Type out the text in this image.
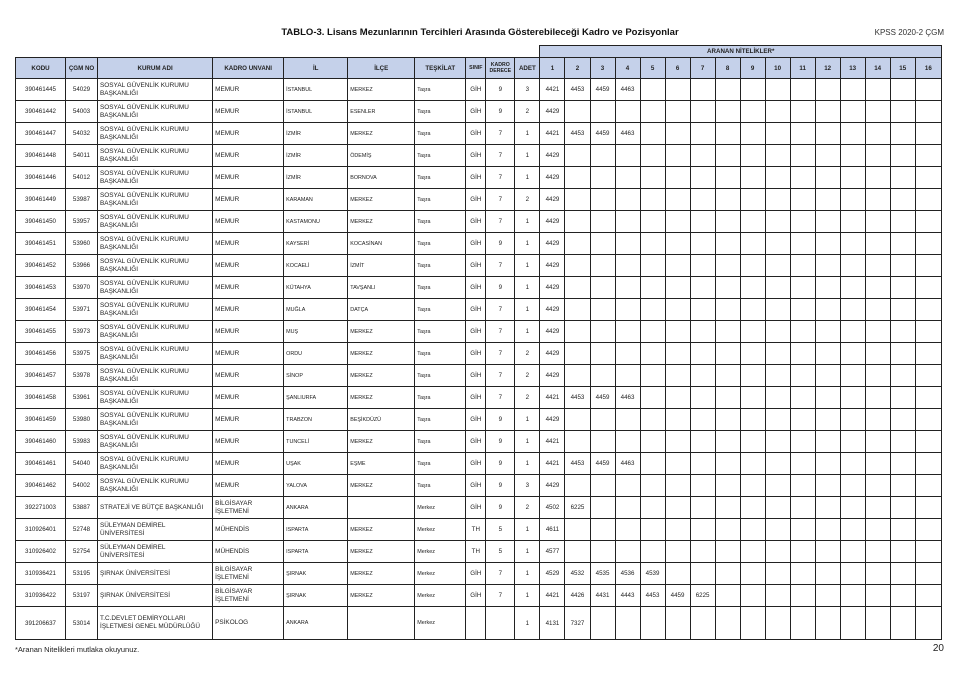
TABLO-3. Lisans Mezunlarının Tercihleri Arasında Gösterebileceği Kadro ve Pozisyonlar	KPSS 2020-2 ÇGM
										ARANAN NİTELİKLER*															
KODU	ÇGM NO	KURUM ADI	KADRO UNVANI	İL	İLÇE	TEŞKİLAT	SINIF	KADRO DERECE	ADET	1	2	3	4	5	6	7	8	9	10	11	12	13	14	15	16
390461445	54029	SOSYAL GÜVENLİK KURUMU BAŞKANLIĞI	MEMUR	İSTANBUL	MERKEZ	Taşra	GİH	9	3	4421	4453	4459	4463												
390461442	54003	SOSYAL GÜVENLİK KURUMU BAŞKANLIĞI	MEMUR	İSTANBUL	ESENLER	Taşra	GİH	9	2	4429															
390461447	54032	SOSYAL GÜVENLİK KURUMU BAŞKANLIĞI	MEMUR	İZMİR	MERKEZ	Taşra	GİH	7	1	4421	4453	4459	4463												
390461448	54011	SOSYAL GÜVENLİK KURUMU BAŞKANLIĞI	MEMUR	İZMİR	ÖDEMİŞ	Taşra	GİH	7	1	4429															
390461446	54012	SOSYAL GÜVENLİK KURUMU BAŞKANLIĞI	MEMUR	İZMİR	BORNOVA	Taşra	GİH	7	1	4429															
390461449	53987	SOSYAL GÜVENLİK KURUMU BAŞKANLIĞI	MEMUR	KARAMAN	MERKEZ	Taşra	GİH	7	2	4429															
390461450	53957	SOSYAL GÜVENLİK KURUMU BAŞKANLIĞI	MEMUR	KASTAMONU	MERKEZ	Taşra	GİH	7	1	4429															
390461451	53960	SOSYAL GÜVENLİK KURUMU BAŞKANLIĞI	MEMUR	KAYSERİ	KOCASİNAN	Taşra	GİH	9	1	4429															
390461452	53966	SOSYAL GÜVENLİK KURUMU BAŞKANLIĞI	MEMUR	KOCAELİ	İZMİT	Taşra	GİH	7	1	4429															
390461453	53970	SOSYAL GÜVENLİK KURUMU BAŞKANLIĞI	MEMUR	KÜTAHYA	TAVŞANLI	Taşra	GİH	9	1	4429															
390461454	53971	SOSYAL GÜVENLİK KURUMU BAŞKANLIĞI	MEMUR	MUĞLA	DATÇA	Taşra	GİH	7	1	4429															
390461455	53973	SOSYAL GÜVENLİK KURUMU BAŞKANLIĞI	MEMUR	MUŞ	MERKEZ	Taşra	GİH	7	1	4429															
390461456	53975	SOSYAL GÜVENLİK KURUMU BAŞKANLIĞI	MEMUR	ORDU	MERKEZ	Taşra	GİH	7	2	4429															
390461457	53978	SOSYAL GÜVENLİK KURUMU BAŞKANLIĞI	MEMUR	SİNOP	MERKEZ	Taşra	GİH	7	2	4429															
390461458	53961	SOSYAL GÜVENLİK KURUMU BAŞKANLIĞI	MEMUR	ŞANLIURFA	MERKEZ	Taşra	GİH	7	2	4421	4453	4459	4463												
390461459	53980	SOSYAL GÜVENLİK KURUMU BAŞKANLIĞI	MEMUR	TRABZON	BEŞİKDÜZÜ	Taşra	GİH	9	1	4429															
390461460	53983	SOSYAL GÜVENLİK KURUMU BAŞKANLIĞI	MEMUR	TUNCELİ	MERKEZ	Taşra	GİH	9	1	4421															
390461461	54040	SOSYAL GÜVENLİK KURUMU BAŞKANLIĞI	MEMUR	UŞAK	EŞME	Taşra	GİH	9	1	4421	4453	4459	4463												
390461462	54002	SOSYAL GÜVENLİK KURUMU BAŞKANLIĞI	MEMUR	YALOVA	MERKEZ	Taşra	GİH	9	3	4429															
392271003	53887	STRATEJİ VE BÜTÇE BAŞKANLIĞI	BİLGİSAYAR İŞLETMENİ	ANKARA		Merkez	GİH	9	2	4502	6225														
310926401	52748	SÜLEYMAN DEMİREL ÜNİVERSİTESİ	MÜHENDİS	ISPARTA	MERKEZ	Merkez	TH	5	1	4611															
310926402	52754	SÜLEYMAN DEMİREL ÜNİVERSİTESİ	MÜHENDİS	ISPARTA	MERKEZ	Merkez	TH	5	1	4577															
310936421	53195	ŞIRNAK ÜNİVERSİTESİ	BİLGİSAYAR İŞLETMENİ	ŞIRNAK	MERKEZ	Merkez	GİH	7	1	4529	4532	4535	4536	4539											
310936422	53197	ŞIRNAK ÜNİVERSİTESİ	BİLGİSAYAR İŞLETMENİ	ŞIRNAK	MERKEZ	Merkez	GİH	7	1	4421	4426	4431	4443	4453	4459	6225									
391206637	53014	T.C.DEVLET DEMİRYOLLARI İŞLETMESİ GENEL MÜDÜRLÜĞÜ	PSİKOLOG	ANKARA		Merkez			1	4131	7327														
*Aranan Nitelikleri mutlaka okuyunuz.	20
